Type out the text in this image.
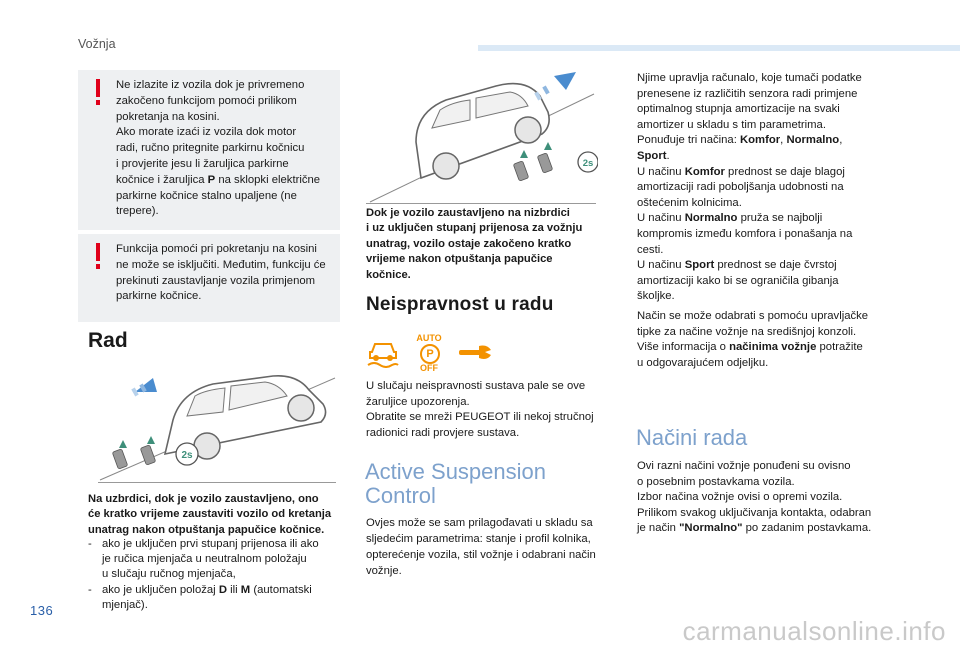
Vožnja

Ne izlazite iz vozila dok je privremeno

zakočeno funkcijom pomoći prilikom

pokretanja na kosini.

Ako morate izaći iz vozila dok motor

radi, ručno pritegnite parkirnu kočnicu

i provjerite jesu li žaruljica parkirne

kočnice i žaruljica P na sklopki električne

parkirne kočnice stalno upaljene (ne

trepere).

Funkcija pomoći pri pokretanju na kosini

ne može se isključiti. Međutim, funkciju će

prekinuti zaustavljanje vozila primjenom

parkirne kočnice.

Rad
2s
Na uzbrdici, dok je vozilo zaustavljeno, ono
će kratko vrijeme zaustaviti vozilo od kretanja
unatrag nakon otpuštanja papučice kočnice.
- ako je uključen prvi stupanj prijenosa ili ako
je ručica mjenjača u neutralnom položaju
u slučaju ručnog mjenjača,
- ako je uključen položaj D ili M (automatski
mjenjač).
2s
Dok je vozilo zaustavljeno na nizbrdici
i uz uključen stupanj prijenosa za vožnju
unatrag, vozilo ostaje zakočeno kratko
vrijeme nakon otpuštanja papučice
kočnice.
Neispravnost u radu
AUTO
P
OFF
U slučaju neispravnosti sustava pale se ove
žaruljice upozorenja.
Obratite se mreži PEUGEOT ili nekoj stručnoj
radionici radi provjere sustava.
Active Suspension
Control
Ovjes može se sam prilagođavati u skladu sa
sljedećim parametrima: stanje i profil kolnika,
opterećenje vozila, stil vožnje i odabrani način
vožnje.
Njime upravlja računalo, koje tumači podatke
prenesene iz različitih senzora radi primjene
optimalnog stupnja amortizacije na svaki
amortizer u skladu s tim parametrima.
Ponuđuje tri načina: Komfor, Normalno,
Sport.
U načinu Komfor prednost se daje blagoj
amortizaciji radi poboljšanja udobnosti na
oštećenim kolnicima.
U načinu Normalno pruža se najbolji
kompromis između komfora i ponašanja na
cesti.
U načinu Sport prednost se daje čvrstoj
amortizaciji kako bi se ograničila gibanja
školjke.
Način se može odabrati s pomoću upravljačke
tipke za načine vožnje na središnjoj konzoli.
Više informacija o načinima vožnje potražite
u odgovarajućem odjeljku.
Načini rada
Ovi razni načini vožnje ponuđeni su ovisno
o posebnim postavkama vozila.
Izbor načina vožnje ovisi o opremi vozila.
Prilikom svakog uključivanja kontakta, odabran
je način "Normalno" po zadanim postavkama.
136
carmanualsonline.info
